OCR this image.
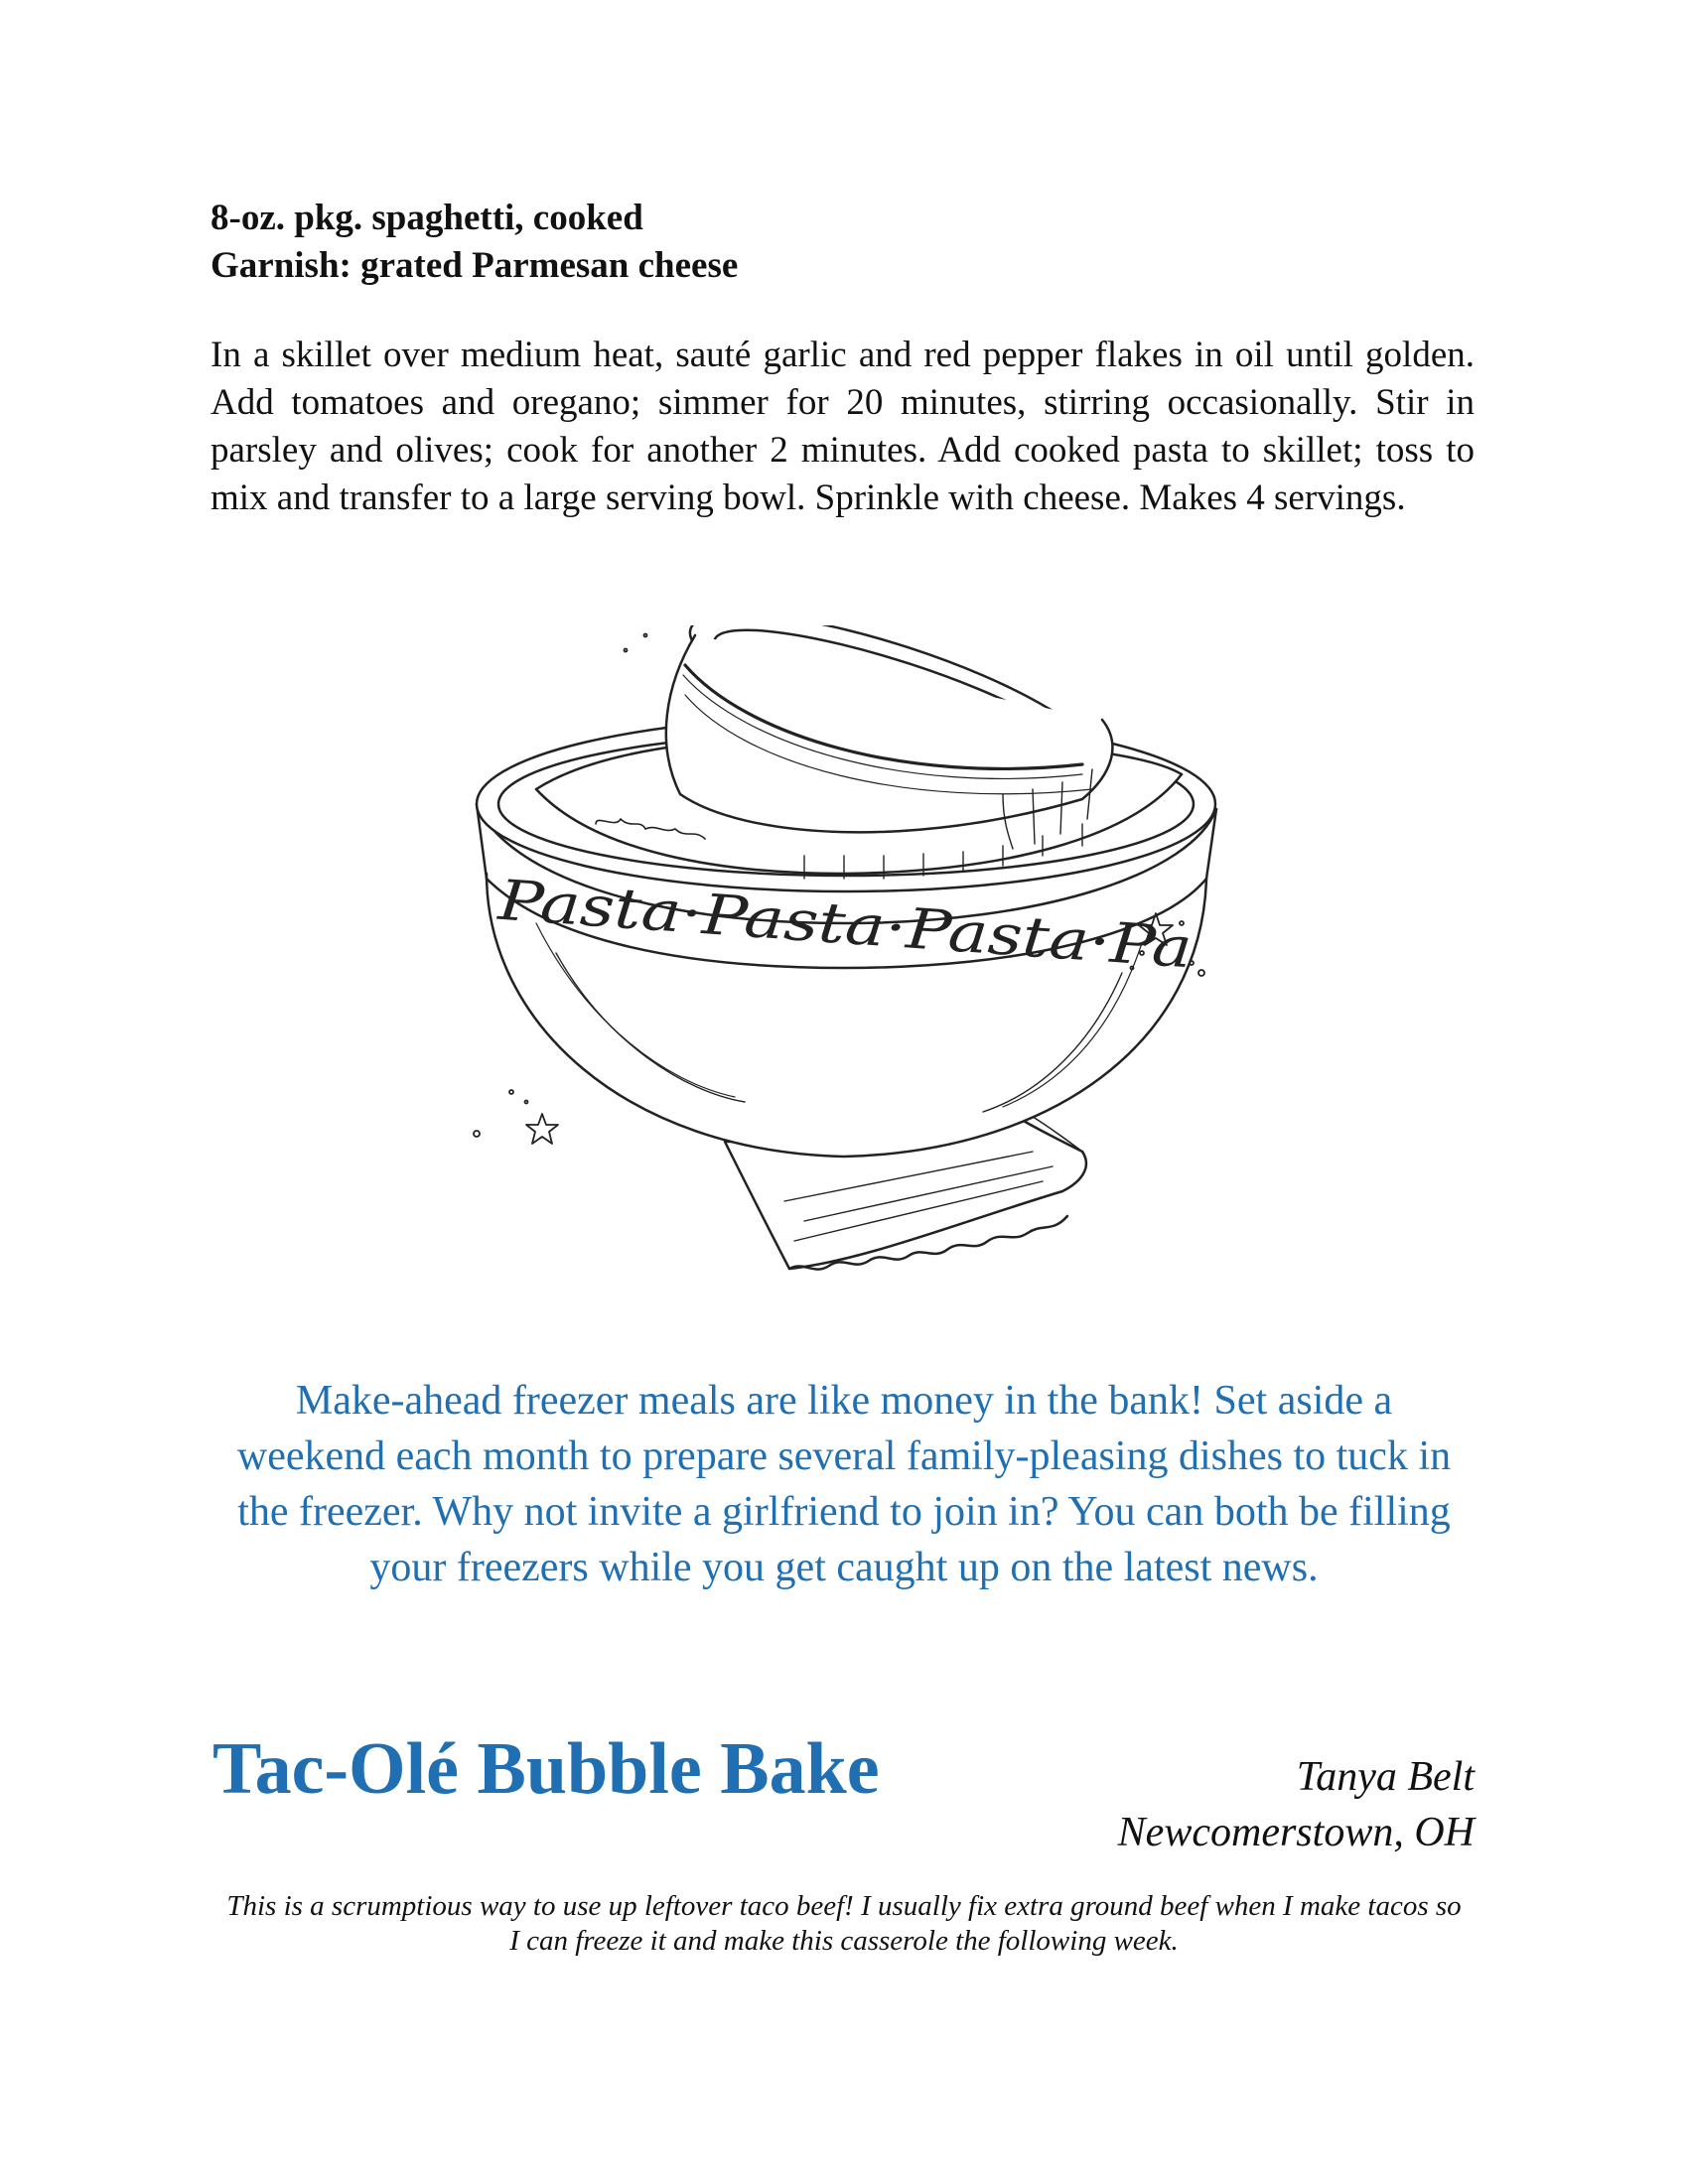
8-oz. pkg. spaghetti, cooked
Garnish: grated Parmesan cheese

In a skillet over medium heat, sauté garlic and red pepper flakes in oil until golden. Add tomatoes and oregano; simmer for 20 minutes, stirring occasionally. Stir in parsley and olives; cook for another 2 minutes. Add cooked pasta to skillet; toss to mix and transfer to a large serving bowl. Sprinkle with cheese. Makes 4 servings.

Pasta·Pasta·Pasta·Pa

Make-ahead freezer meals are like money in the bank! Set aside a weekend each month to prepare several family-pleasing dishes to tuck in the freezer. Why not invite a girlfriend to join in? You can both be filling your freezers while you get caught up on the latest news.

Tac-Olé Bubble Bake	Tanya Belt
Newcomerstown, OH

This is a scrumptious way to use up leftover taco beef! I usually fix extra ground beef when I make tacos so I can freeze it and make this casserole the following week.
